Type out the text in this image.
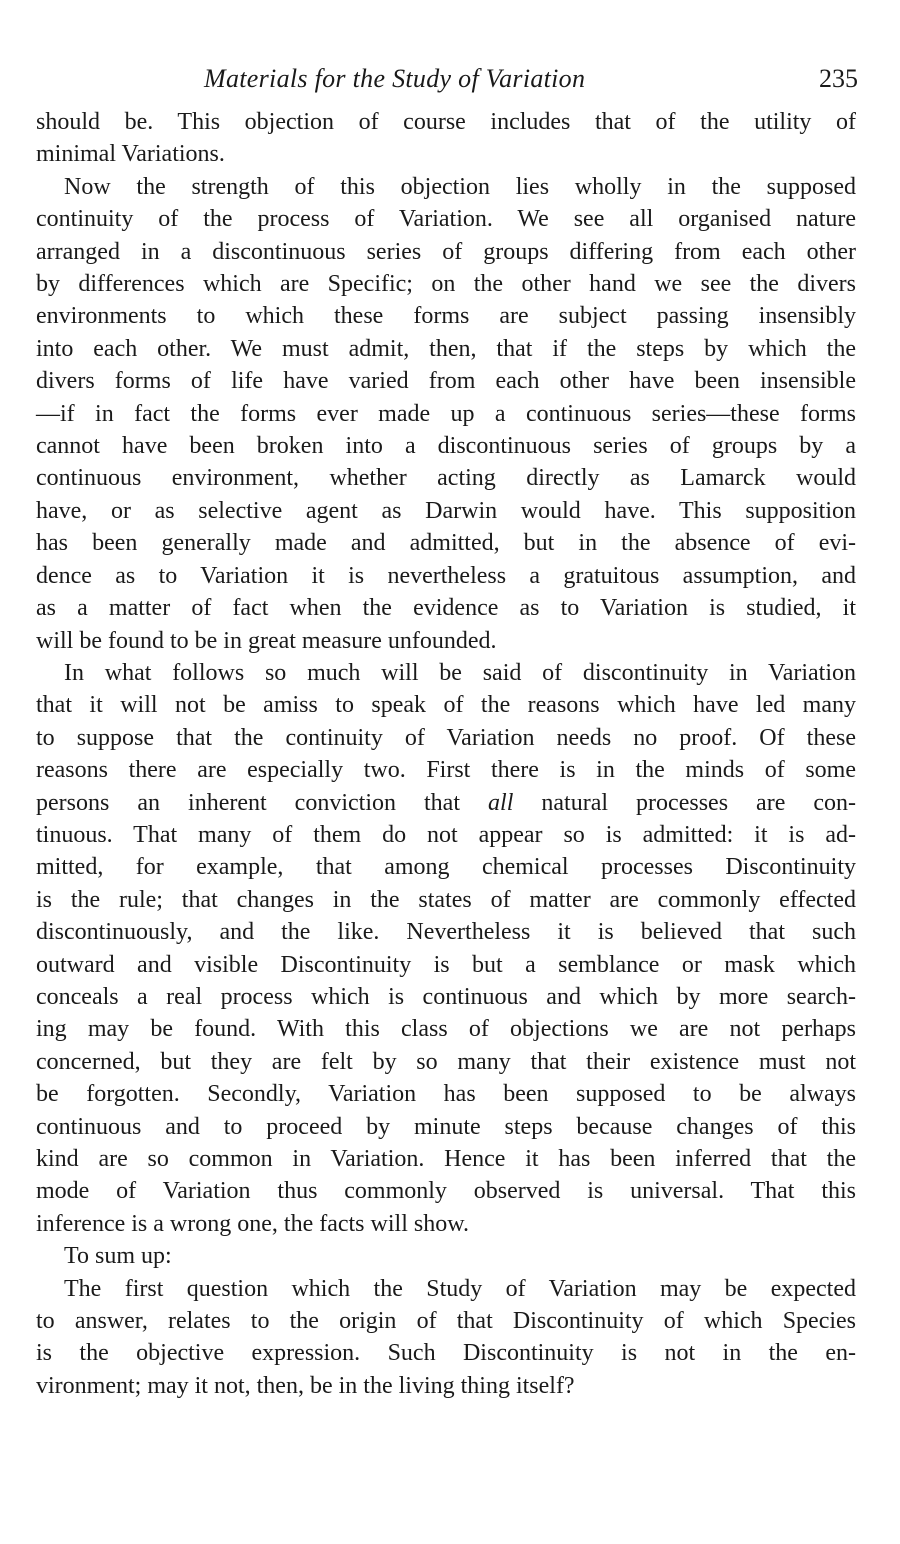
Materials for the Study of Variation	235
should be. This objection of course includes that of the utility of
minimal Variations.
Now the strength of this objection lies wholly in the supposed
continuity of the process of Variation. We see all organised nature
arranged in a discontinuous series of groups differing from each other
by differences which are Specific; on the other hand we see the divers
environments to which these forms are subject passing insensibly
into each other. We must admit, then, that if the steps by which the
divers forms of life have varied from each other have been insensible
—if in fact the forms ever made up a continuous series—these forms
cannot have been broken into a discontinuous series of groups by a
continuous environment, whether acting directly as Lamarck would
have, or as selective agent as Darwin would have. This supposition
has been generally made and admitted, but in the absence of evi-
dence as to Variation it is nevertheless a gratuitous assumption, and
as a matter of fact when the evidence as to Variation is studied, it
will be found to be in great measure unfounded.
In what follows so much will be said of discontinuity in Variation
that it will not be amiss to speak of the reasons which have led many
to suppose that the continuity of Variation needs no proof. Of these
reasons there are especially two. First there is in the minds of some
persons an inherent conviction that all natural processes are con-
tinuous. That many of them do not appear so is admitted: it is ad-
mitted, for example, that among chemical processes Discontinuity
is the rule; that changes in the states of matter are commonly effected
discontinuously, and the like. Nevertheless it is believed that such
outward and visible Discontinuity is but a semblance or mask which
conceals a real process which is continuous and which by more search-
ing may be found. With this class of objections we are not perhaps
concerned, but they are felt by so many that their existence must not
be forgotten. Secondly, Variation has been supposed to be always
continuous and to proceed by minute steps because changes of this
kind are so common in Variation. Hence it has been inferred that the
mode of Variation thus commonly observed is universal. That this
inference is a wrong one, the facts will show.
To sum up:
The first question which the Study of Variation may be expected
to answer, relates to the origin of that Discontinuity of which Species
is the objective expression. Such Discontinuity is not in the en-
vironment; may it not, then, be in the living thing itself?
